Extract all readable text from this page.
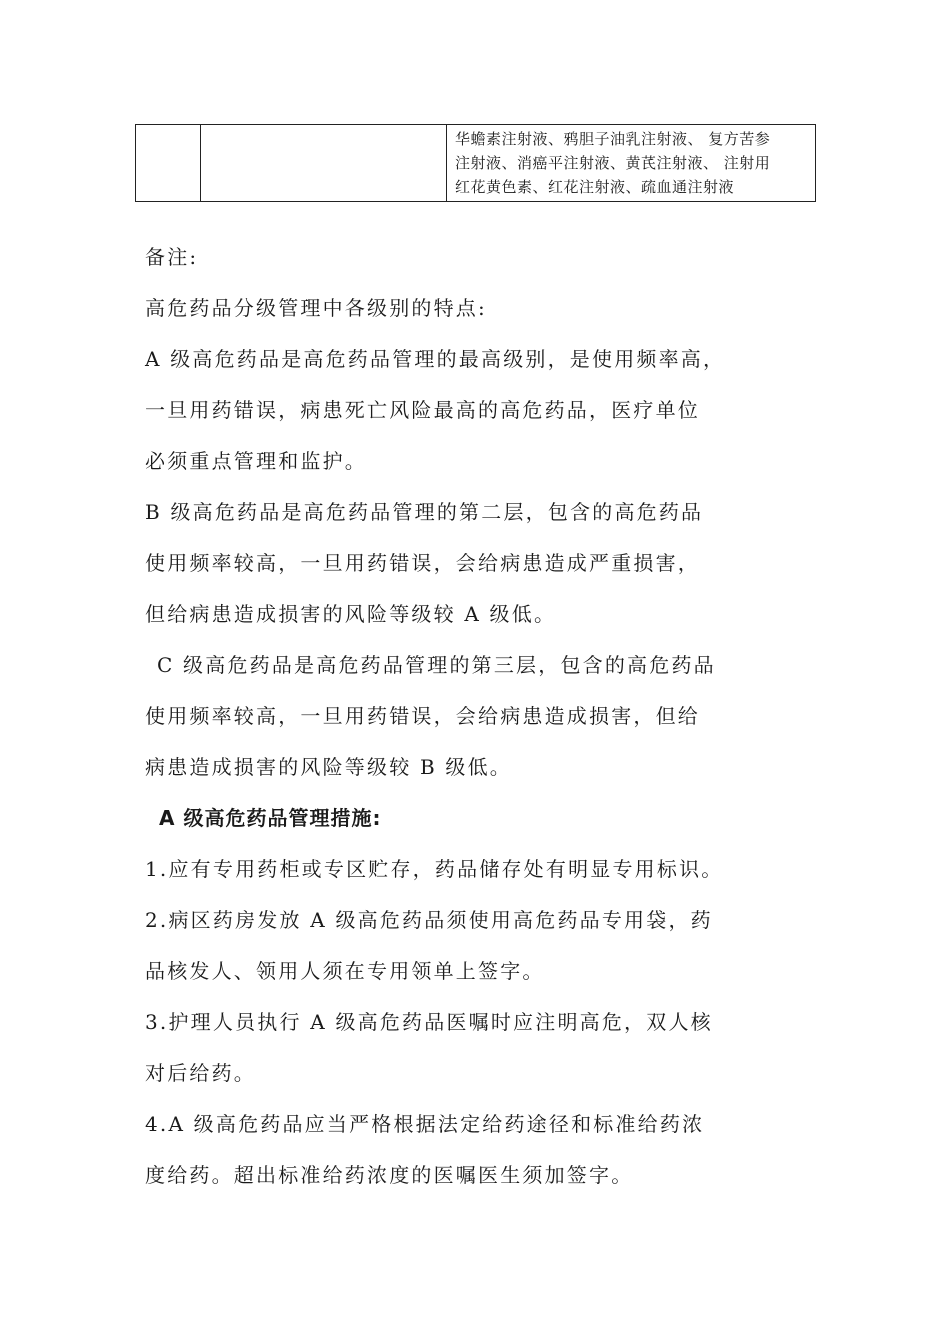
		华蟾素注射液、鸦胆子油乳注射液、 复方苦参
注射液、消癌平注射液、黄芪注射液、 注射用
红花黄色素、红花注射液、疏血通注射液

备注:

高危药品分级管理中各级别的特点:

A 级高危药品是高危药品管理的最高级别，是使用频率高，

一旦用药错误，病患死亡风险最高的高危药品，医疗单位

必须重点管理和监护。

B 级高危药品是高危药品管理的第二层，包含的高危药品

使用频率较高，一旦用药错误，会给病患造成严重损害，

但给病患造成损害的风险等级较 A 级低。

C 级高危药品是高危药品管理的第三层，包含的高危药品

使用频率较高，一旦用药错误，会给病患造成损害，但给

病患造成损害的风险等级较 B 级低。

A 级高危药品管理措施:

1.应有专用药柜或专区贮存，药品储存处有明显专用标识。

2.病区药房发放 A 级高危药品须使用高危药品专用袋，药

品核发人、领用人须在专用领单上签字。

3.护理人员执行 A 级高危药品医嘱时应注明高危，双人核

对后给药。

4.A 级高危药品应当严格根据法定给药途径和标准给药浓

度给药。超出标准给药浓度的医嘱医生须加签字。
